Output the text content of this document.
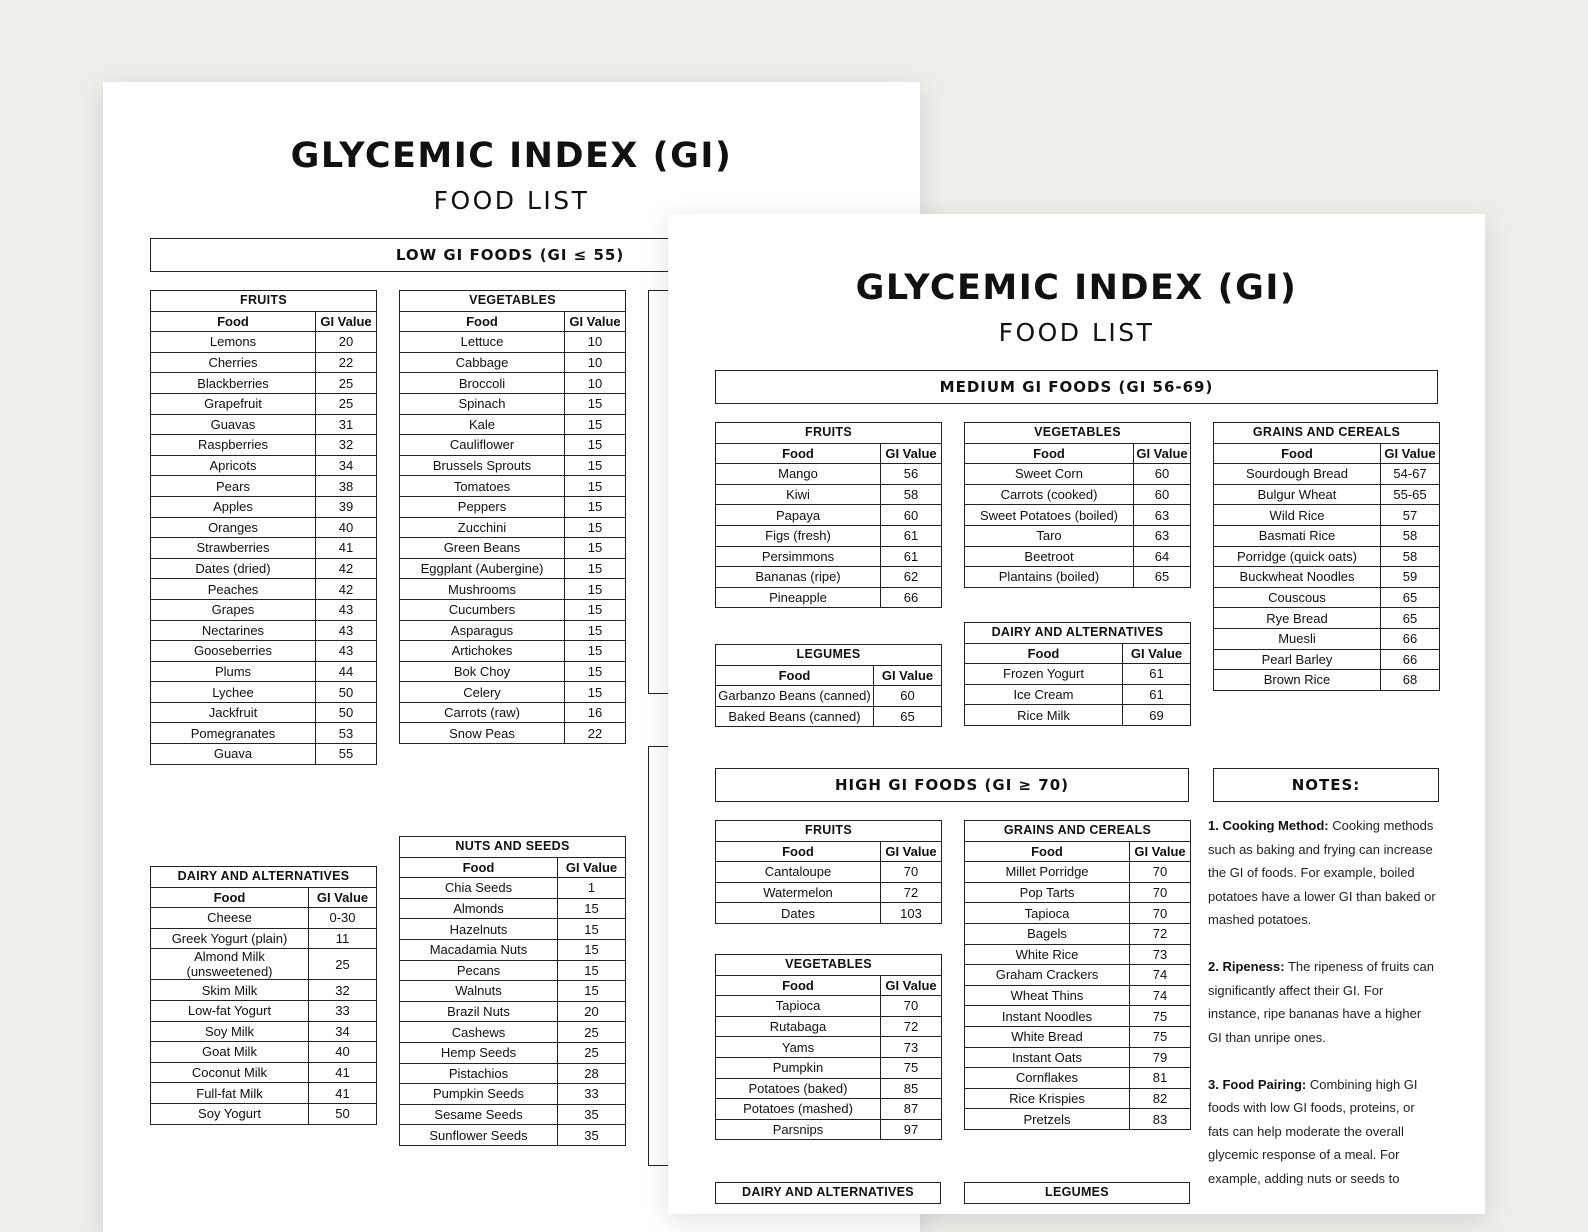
GLYCEMIC INDEX (GI)
FOOD LIST
LOW GI FOODS (GI ≤ 55)
FRUITS	
Food	GI Value
Lemons	20
Cherries	22
Blackberries	25
Grapefruit	25
Guavas	31
Raspberries	32
Apricots	34
Pears	38
Apples	39
Oranges	40
Strawberries	41
Dates (dried)	42
Peaches	42
Grapes	43
Nectarines	43
Gooseberries	43
Plums	44
Lychee	50
Jackfruit	50
Pomegranates	53
Guava	55
VEGETABLES	
Food	GI Value
Lettuce	10
Cabbage	10
Broccoli	10
Spinach	15
Kale	15
Cauliflower	15
Brussels Sprouts	15
Tomatoes	15
Peppers	15
Zucchini	15
Green Beans	15
Eggplant (Aubergine)	15
Mushrooms	15
Cucumbers	15
Asparagus	15
Artichokes	15
Bok Choy	15
Celery	15
Carrots (raw)	16
Snow Peas	22
DAIRY AND ALTERNATIVES	
Food	GI Value
Cheese	0-30
Greek Yogurt (plain)	11
Almond Milk (unsweetened)	25
Skim Milk	32
Low-fat Yogurt	33
Soy Milk	34
Goat Milk	40
Coconut Milk	41
Full-fat Milk	41
Soy Yogurt	50
NUTS AND SEEDS	
Food	GI Value
Chia Seeds	1
Almonds	15
Hazelnuts	15
Macadamia Nuts	15
Pecans	15
Walnuts	15
Brazil Nuts	20
Cashews	25
Hemp Seeds	25
Pistachios	28
Pumpkin Seeds	33
Sesame Seeds	35
Sunflower Seeds	35
GLYCEMIC INDEX (GI)
FOOD LIST
MEDIUM GI FOODS (GI 56-69)
FRUITS	
Food	GI Value
Mango	56
Kiwi	58
Papaya	60
Figs (fresh)	61
Persimmons	61
Bananas (ripe)	62
Pineapple	66
VEGETABLES	
Food	GI Value
Sweet Corn	60
Carrots (cooked)	60
Sweet Potatoes (boiled)	63
Taro	63
Beetroot	64
Plantains (boiled)	65
GRAINS AND CEREALS	
Food	GI Value
Sourdough Bread	54-67
Bulgur Wheat	55-65
Wild Rice	57
Basmati Rice	58
Porridge (quick oats)	58
Buckwheat Noodles	59
Couscous	65
Rye Bread	65
Muesli	66
Pearl Barley	66
Brown Rice	68
LEGUMES	
Food	GI Value
Garbanzo Beans (canned)	60
Baked Beans (canned)	65
DAIRY AND ALTERNATIVES	
Food	GI Value
Frozen Yogurt	61
Ice Cream	61
Rice Milk	69
HIGH GI FOODS (GI ≥ 70)	NOTES:
FRUITS	
Food	GI Value
Cantaloupe	70
Watermelon	72
Dates	103
VEGETABLES	
Food	GI Value
Tapioca	70
Rutabaga	72
Yams	73
Pumpkin	75
Potatoes (baked)	85
Potatoes (mashed)	87
Parsnips	97
GRAINS AND CEREALS	
Food	GI Value
Millet Porridge	70
Pop Tarts	70
Tapioca	70
Bagels	72
White Rice	73
Graham Crackers	74
Wheat Thins	74
Instant Noodles	75
White Bread	75
Instant Oats	79
Cornflakes	81
Rice Krispies	82
Pretzels	83
DAIRY AND ALTERNATIVES	LEGUMES

1. Cooking Method: Cooking methods such as baking and frying can increase the GI of foods. For example, boiled potatoes have a lower GI than baked or mashed potatoes.

2. Ripeness: The ripeness of fruits can significantly affect their GI. For instance, ripe bananas have a higher GI than unripe ones.

3. Food Pairing: Combining high GI foods with low GI foods, proteins, or fats can help moderate the overall glycemic response of a meal. For example, adding nuts or seeds to
